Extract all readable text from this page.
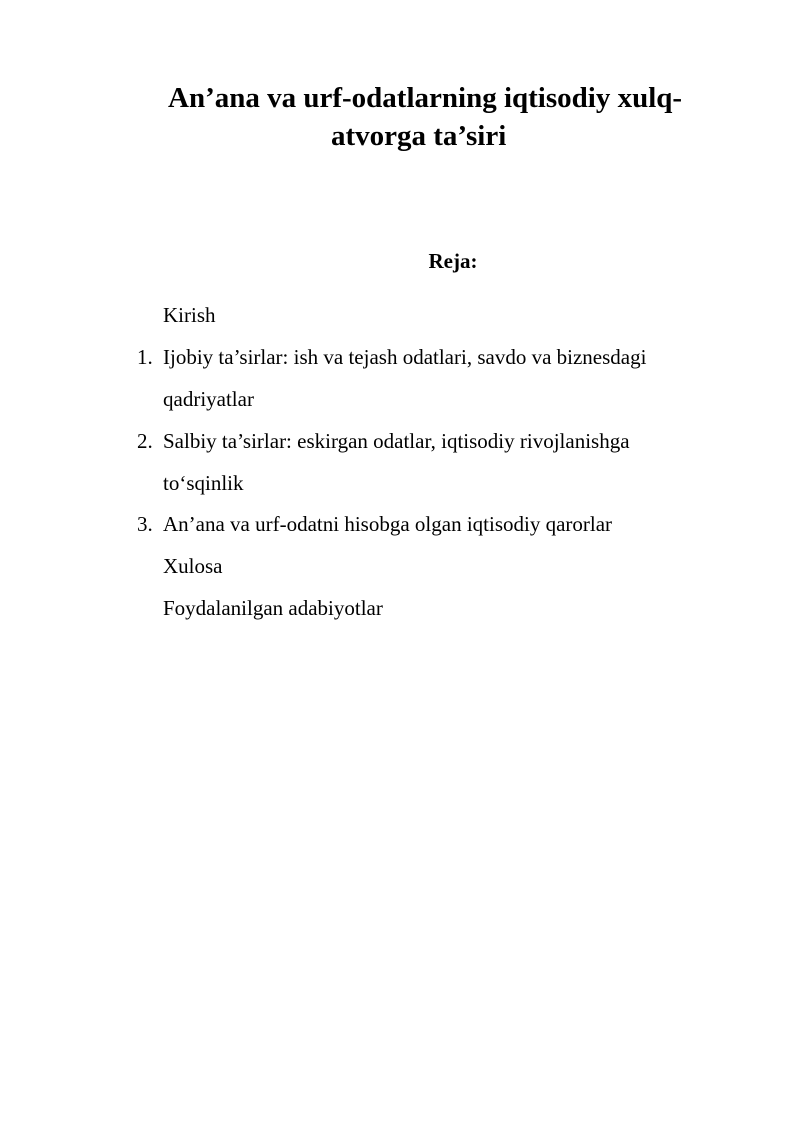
An’ana va urf-odatlarning iqtisodiy xulq-
atvorga ta’siri
Reja:
Kirish
1. Ijobiy ta’sirlar: ish va tejash odatlari, savdo va biznesdagi
qadriyatlar
2. Salbiy ta’sirlar: eskirgan odatlar, iqtisodiy rivojlanishga
to‘sqinlik
3. An’ana va urf-odatni hisobga olgan iqtisodiy qarorlar
Xulosa
Foydalanilgan adabiyotlar
